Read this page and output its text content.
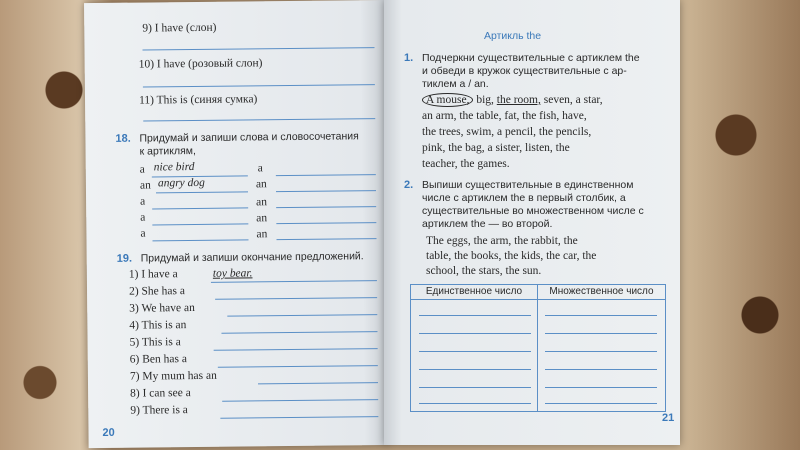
9) I have (слон)
10) I have (розовый слон)
11) This is (синяя сумка)
18. Придумай и запиши слова и словосочетания
к артиклям,
a nice bird	a
an angry dog	an
a	an
a	an
a	an
19. Придумай и запиши окончание предложений.
1) I have a	toy bear.
2) She has a
3) We have an
4) This is an
5) This is a
6) Ben has a
7) My mum has an
8) I can see a
9) There is a
20
Артикль the
1. Подчеркни существительные с артиклем the
и обведи в кружок существительные с ар-
тиклем a / an.
A mouse, big, the room, seven, a star,
an arm, the table, fat, the fish, have,
the trees, swim, a pencil, the pencils,
pink, the bag, a sister, listen, the
teacher, the games.
2. Выпиши существительные в единственном
числе с артиклем the в первый столбик, а
существительные во множественном числе с
артиклем the — во второй.
The eggs, the arm, the rabbit, the
table, the books, the kids, the car, the
school, the stars, the sun.
Единственное число	Множественное число
21
